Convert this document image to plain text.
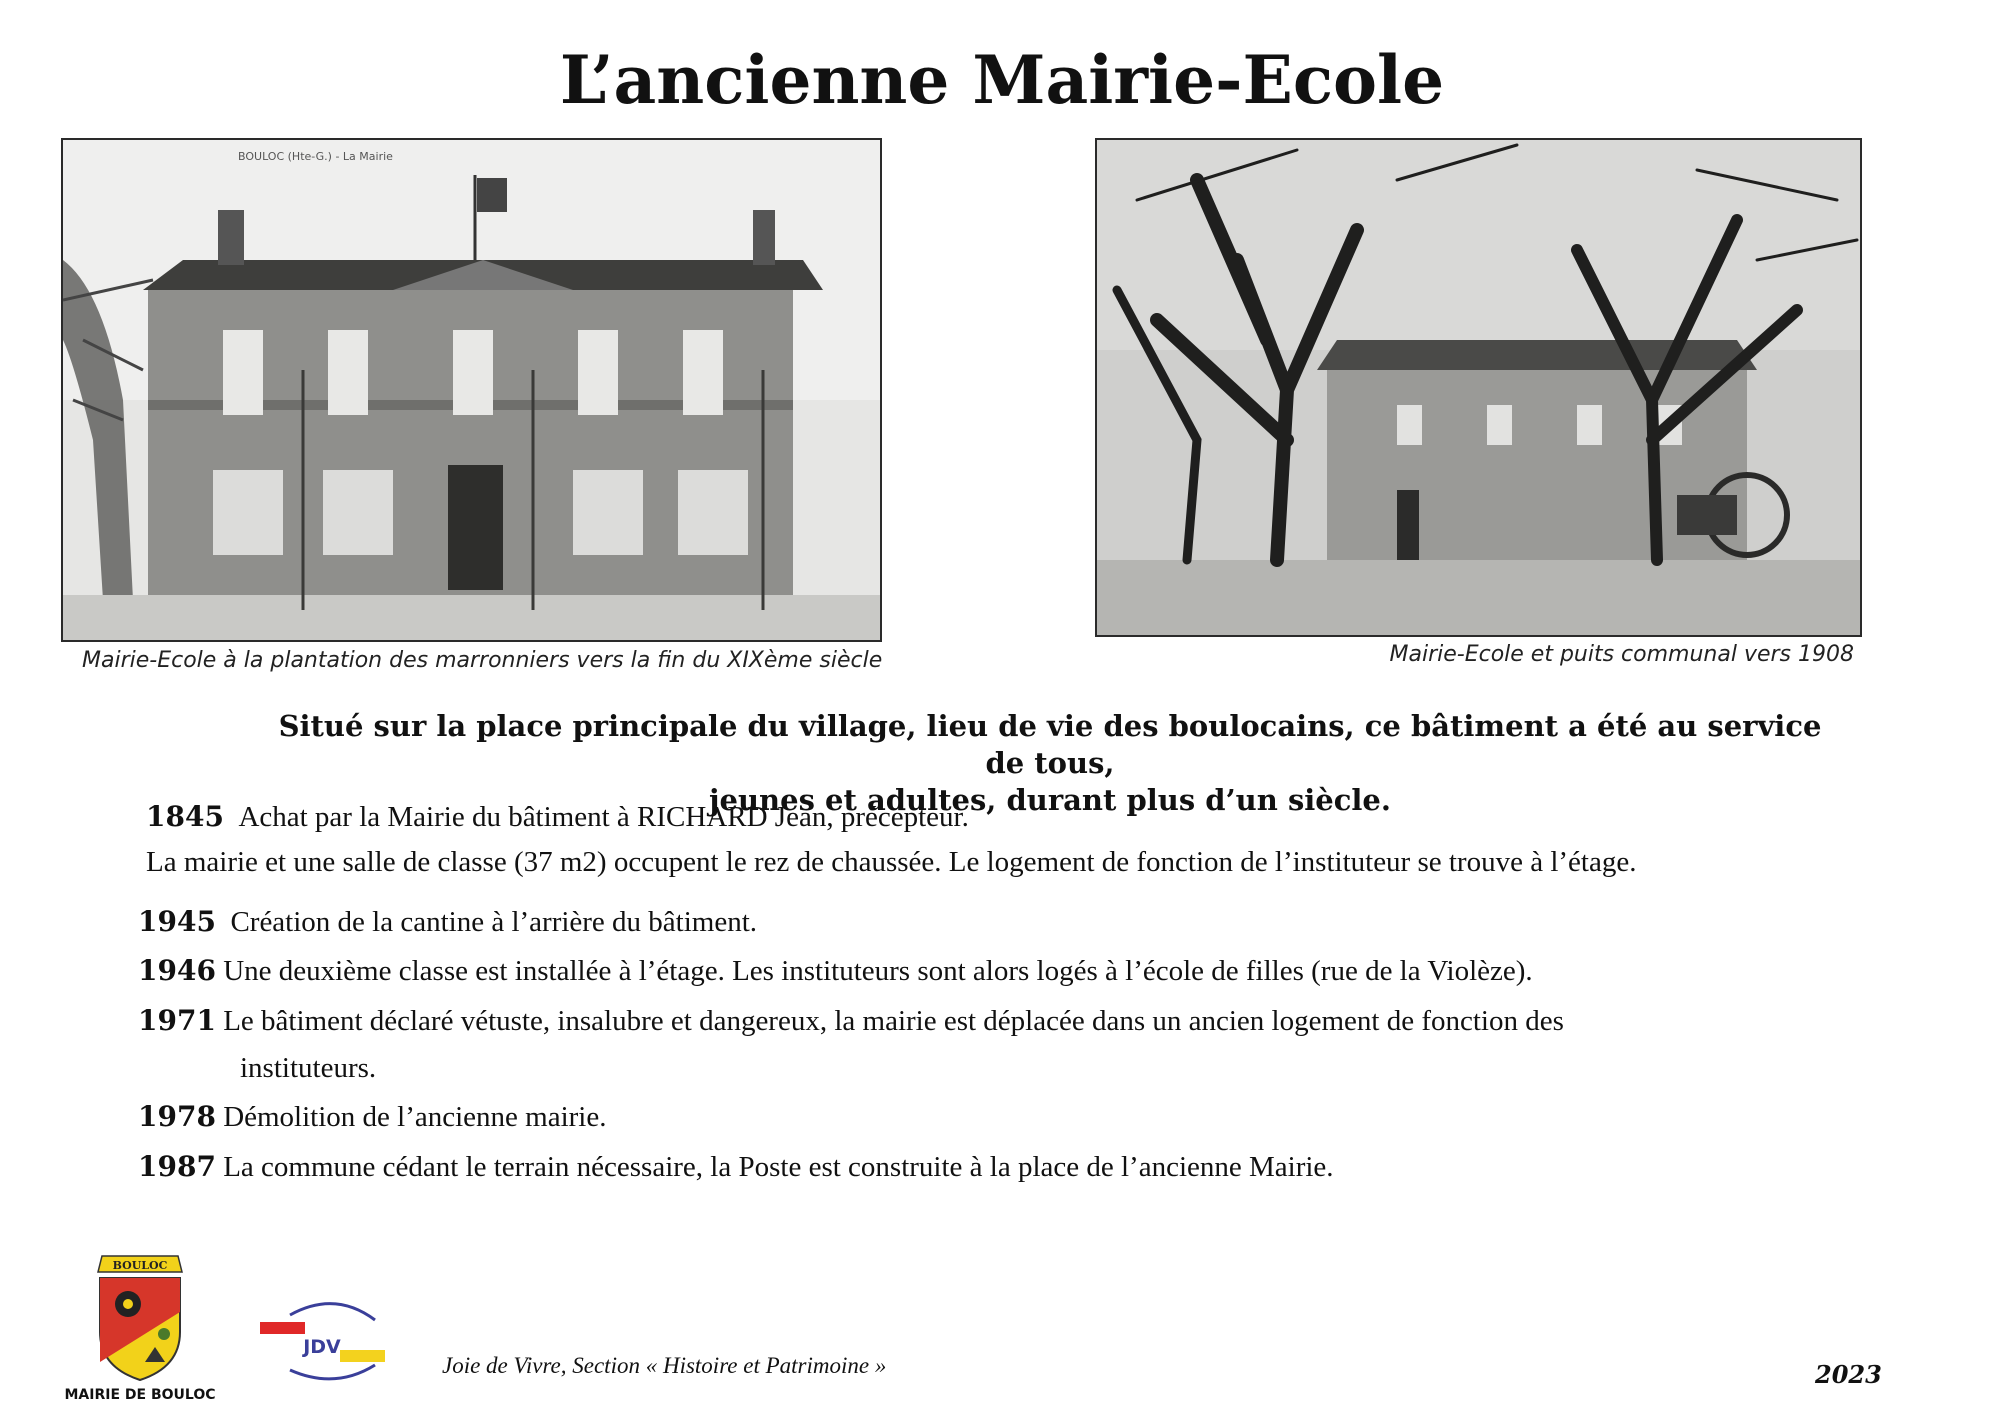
L’ancienne Mairie-Ecole
BOULOC (Hte-G.) - La Mairie
Mairie-Ecole à la plantation des marronniers vers la fin du XIXème siècle	Mairie-Ecole et puits communal vers 1908
Situé sur la place principale du village, lieu de vie des boulocains, ce bâtiment a été au service de tous,
jeunes et adultes, durant plus d’un siècle.
1845 Achat par la Mairie du bâtiment à RICHARD Jean, précepteur.
La mairie et une salle de classe (37 m2) occupent le rez de chaussée. Le logement de fonction de l’instituteur se trouve à l’étage.
1945 Création de la cantine à l’arrière du bâtiment.
1946 Une deuxième classe est installée à l’étage. Les instituteurs sont alors logés à l’école de filles (rue de la Violèze).
1971 Le bâtiment déclaré vétuste, insalubre et dangereux, la mairie est déplacée dans un ancien logement de fonction des
instituteurs.
1978 Démolition de l’ancienne mairie.
1987 La commune cédant le terrain nécessaire, la Poste est construite à la place de l’ancienne Mairie.
BOULOC
MAIRIE DE BOULOC
JDV
Joie de Vivre, Section « Histoire et Patrimoine »	2023
